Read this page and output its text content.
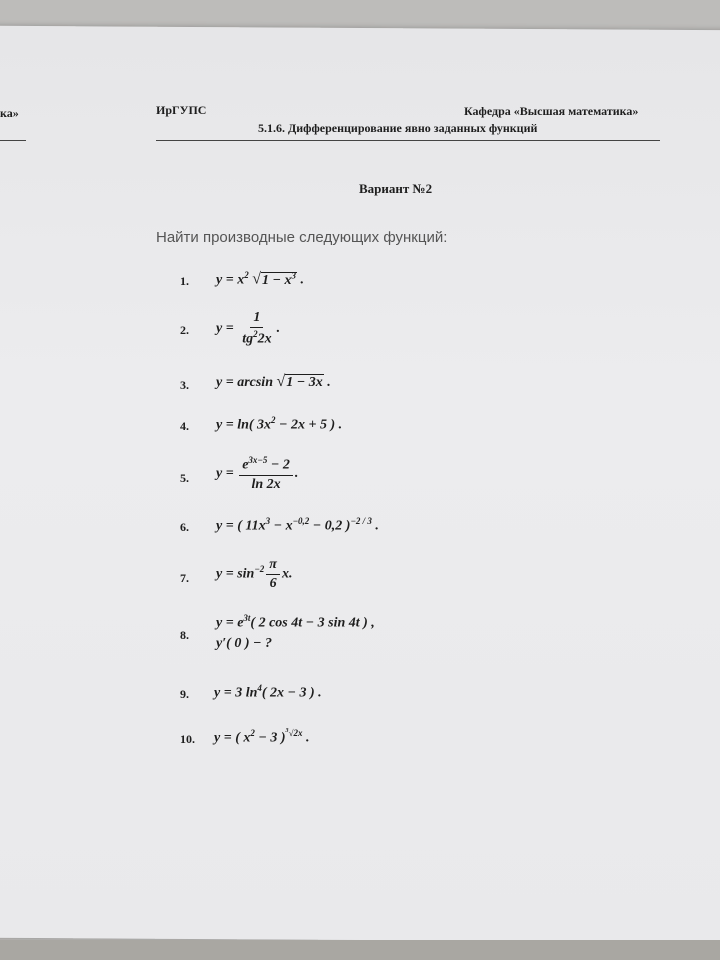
ка»	ИрГУПС	Кафедра «Высшая математика»
5.1.6. Дифференцирование явно заданных функций
Вариант №2
Найти производные следующих функций:
1. $y = x^2$ $√1 - x^3$ .
2. $y = \frac{1}{tg^22x}$ .
3. y = arcsin √1 − 3x .
4. y = ln( $3x^2 - 2x + 5$ ) .
5. $y = \frac{e^{3x-5} - 2}{\ln 2x}$ .
6. y = ( $11x^3 - x^{-0,2} - 0,2$ )$^{-2 / 3}$ .
7. $y = \sin^{-2} \frac{\pi}{6} x$.
8.
$y = e^{3t}$( 2 cos 4t − 3 sin 4t ) ,
y′( 0 ) − ?
9. y = 3 $\ln^4$( 2x − 3 ) .
10. y = ( $x^2 - 3$ )$^{^3√2x}$ .
